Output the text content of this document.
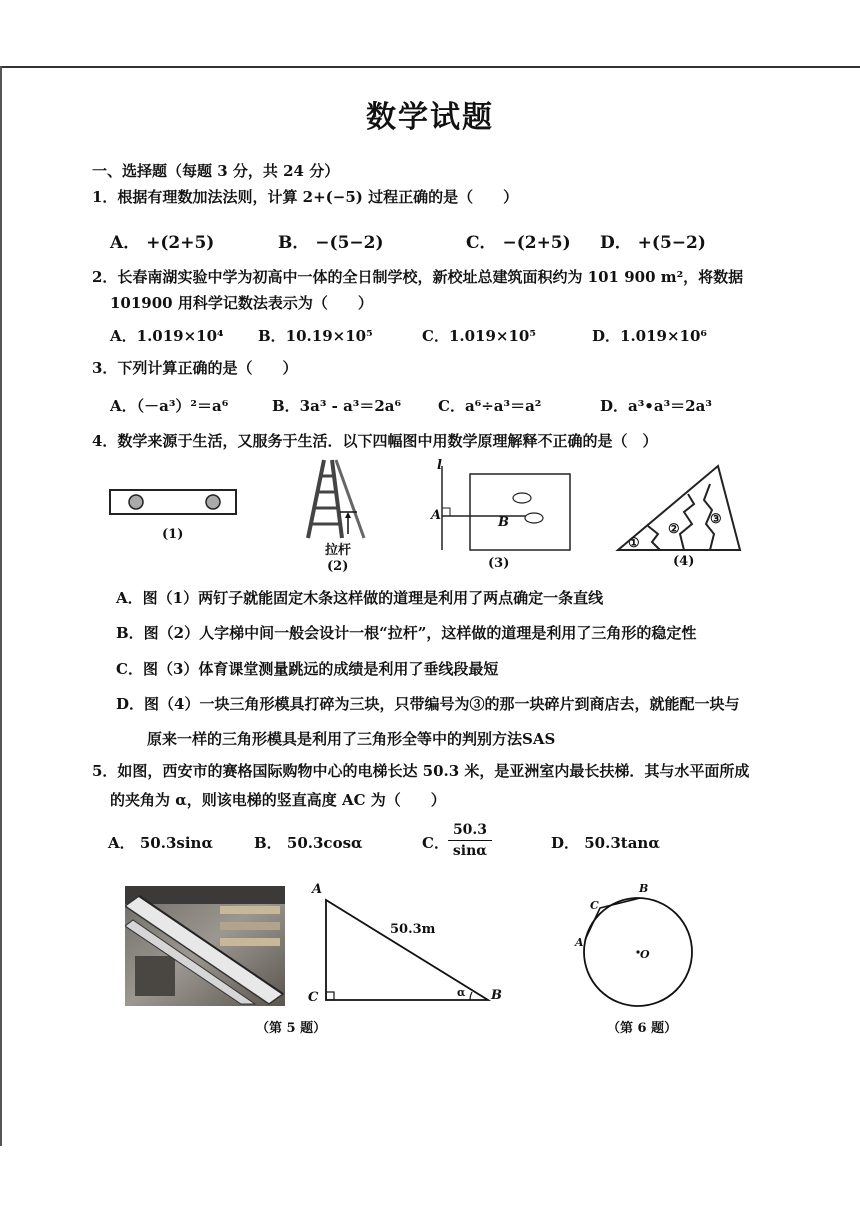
数学试题
一、选择题（每题 3 分，共 24 分）
1．根据有理数加法法则，计算 2+(−5) 过程正确的是（　　）
A． +(2+5)	B． −(5−2)	C． −(2+5) D． +(5−2)
2．长春南湖实验中学为初高中一体的全日制学校，新校址总建筑面积约为 101 900 m²，将数据
101900 用科学记数法表示为（　　）
A．1.019×10⁴ B．10.19×10⁵	C．1.019×10⁵	D．1.019×10⁶
3．下列计算正确的是（　　）
A．（－a³）²＝a⁶	B．3a³ - a³＝2a⁶ C．a⁶÷a³＝a²	D．a³•a³＝2a³
4．数学来源于生活，又服务于生活．以下四幅图中用数学原理解释不正确的是（　）
(1)
拉杆
(2)
l
A	B
(3)
①
②
③
(4)
A．图（1）两钉子就能固定木条这样做的道理是利用了两点确定一条直线
B．图（2）人字梯中间一般会设计一根“拉杆”，这样做的道理是利用了三角形的稳定性
C．图（3）体育课堂测量跳远的成绩是利用了垂线段最短
D．图（4）一块三角形模具打碎为三块，只带编号为③的那一块碎片到商店去，就能配一块与
原来一样的三角形模具是利用了三角形全等中的判别方法SAS
5．如图，西安市的赛格国际购物中心的电梯长达 50.3 米，是亚洲室内最长扶梯．其与水平面所成
的夹角为 α，则该电梯的竖直高度 AC 为（　　）
A． 50.3sinα	B． 50.3cosα	C． $\frac{50.3}{\sin\alpha}$	D． 50.3tanα
A
C	B
50.3m
α
（第 5 题）
B
C
A
O
（第 6 题）
